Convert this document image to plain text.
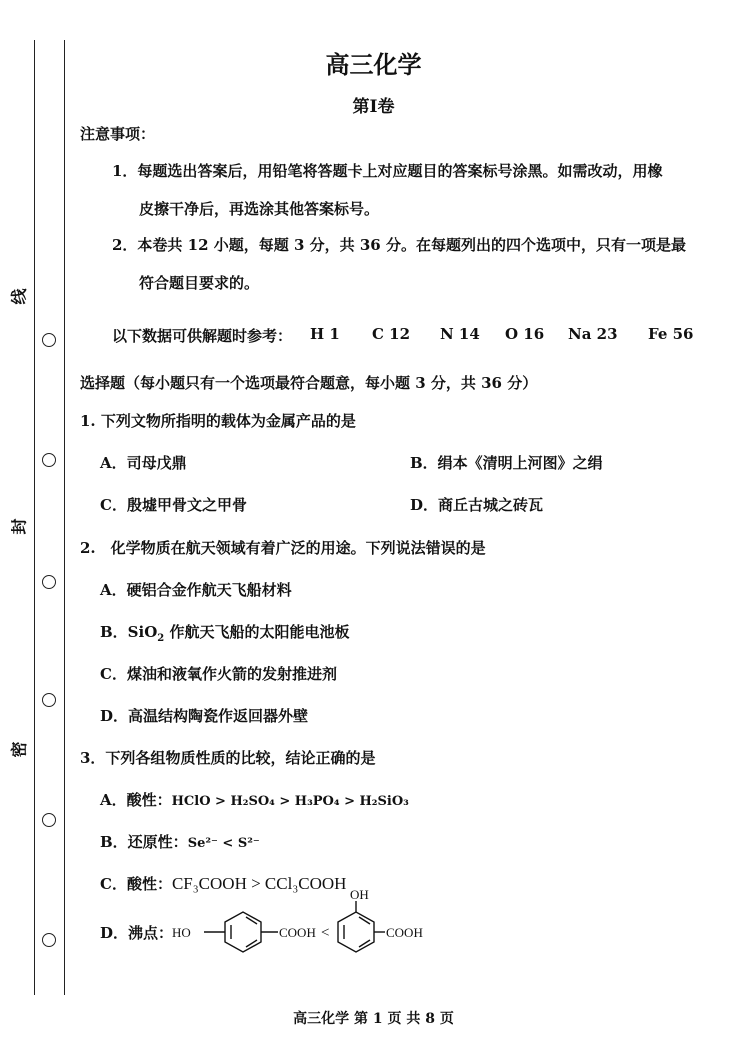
线
封
密
高三化学
第I卷
注意事项：
1．每题选出答案后，用铅笔将答题卡上对应题目的答案标号涂黑。如需改动，用橡
皮擦干净后，再选涂其他答案标号。
2．本卷共 12 小题，每题 3 分，共 36 分。在每题列出的四个选项中，只有一项是最
符合题目要求的。
以下数据可供解题时参考： H 1 C 12 N 14 O 16 Na 23 Fe 56
选择题（每小题只有一个选项最符合题意，每小题 3 分，共 36 分）
1. 下列文物所指明的载体为金属产品的是
A．司母戊鼎	B．绢本《清明上河图》之绢
C．殷墟甲骨文之甲骨	D．商丘古城之砖瓦
2.　化学物质在航天领域有着广泛的用途。下列说法错误的是
A．硬铝合金作航天飞船材料
B．SiO$_2$ 作航天飞船的太阳能电池板
C．煤油和液氧作火箭的发射推进剂
D．高温结构陶瓷作返回器外壁
3．下列各组物质性质的比较，结论正确的是
A．酸性：HClO > H₂SO₄ > H₃PO₄ > H₂SiO₃
B．还原性：Se²⁻ < S²⁻
C．酸性：CF₃COOH > CCl₃COOH
D．沸点：
HO	COOH <
OH
COOH
高三化学 第 1 页 共 8 页
